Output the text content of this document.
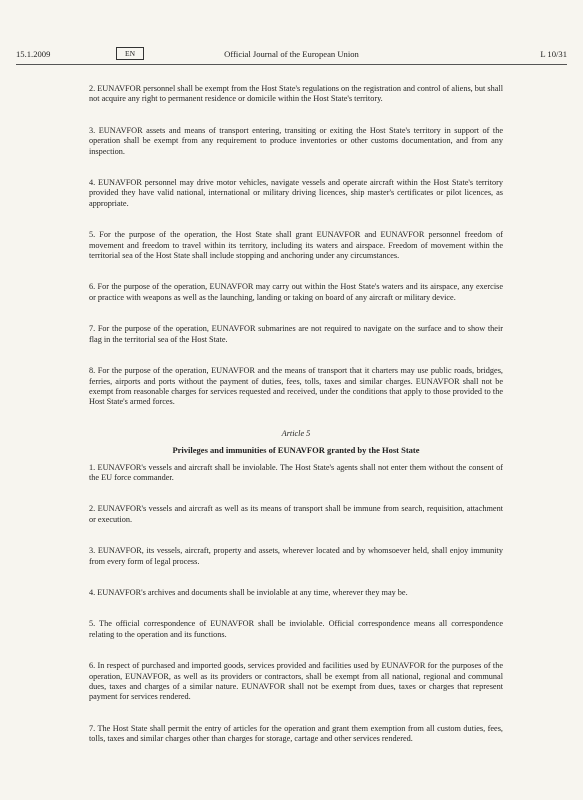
15.1.2009	EN	Official Journal of the European Union	L 10/31

2. EUNAVFOR personnel shall be exempt from the Host State's regulations on the registration and control of aliens, but shall not acquire any right to permanent residence or domicile within the Host State's territory.

3. EUNAVFOR assets and means of transport entering, transiting or exiting the Host State's territory in support of the operation shall be exempt from any requirement to produce inventories or other customs documentation, and from any inspection.

4. EUNAVFOR personnel may drive motor vehicles, navigate vessels and operate aircraft within the Host State's territory provided they have valid national, international or military driving licences, ship master's certificates or pilot licences, as appropriate.

5. For the purpose of the operation, the Host State shall grant EUNAVFOR and EUNAVFOR personnel freedom of movement and freedom to travel within its territory, including its waters and airspace. Freedom of movement within the territorial sea of the Host State shall include stopping and anchoring under any circumstances.

6. For the purpose of the operation, EUNAVFOR may carry out within the Host State's waters and its airspace, any exercise or practice with weapons as well as the launching, landing or taking on board of any aircraft or military device.

7. For the purpose of the operation, EUNAVFOR submarines are not required to navigate on the surface and to show their flag in the territorial sea of the Host State.

8. For the purpose of the operation, EUNAVFOR and the means of transport that it charters may use public roads, bridges, ferries, airports and ports without the payment of duties, fees, tolls, taxes and similar charges. EUNAVFOR shall not be exempt from reasonable charges for services requested and received, under the conditions that apply to those provided to the Host State's armed forces.

Article 5

Privileges and immunities of EUNAVFOR granted by the Host State

1. EUNAVFOR's vessels and aircraft shall be inviolable. The Host State's agents shall not enter them without the consent of the EU force commander.

2. EUNAVFOR's vessels and aircraft as well as its means of transport shall be immune from search, requisition, attachment or execution.

3. EUNAVFOR, its vessels, aircraft, property and assets, wherever located and by whomsoever held, shall enjoy immunity from every form of legal process.

4. EUNAVFOR's archives and documents shall be inviolable at any time, wherever they may be.

5. The official correspondence of EUNAVFOR shall be inviolable. Official correspondence means all correspondence relating to the operation and its functions.

6. In respect of purchased and imported goods, services provided and facilities used by EUNAVFOR for the purposes of the operation, EUNAVFOR, as well as its providers or contractors, shall be exempt from all national, regional and communal dues, taxes and charges of a similar nature. EUNAVFOR shall not be exempt from dues, taxes or charges that represent payment for services rendered.

7. The Host State shall permit the entry of articles for the operation and grant them exemption from all custom duties, fees, tolls, taxes and similar charges other than charges for storage, cartage and other services rendered.
